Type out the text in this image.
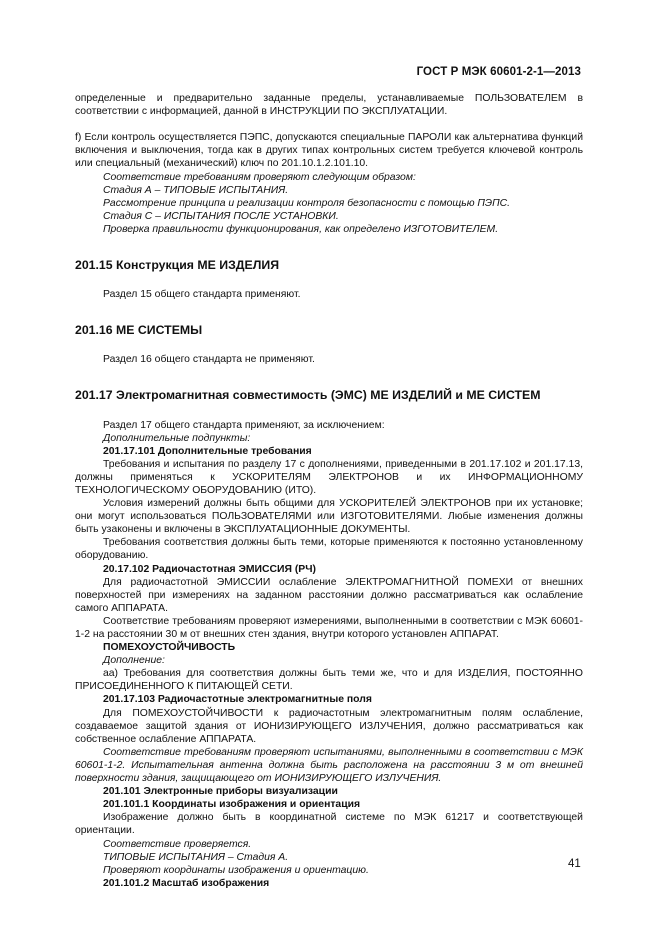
ГОСТ Р МЭК 60601-2-1—2013

определенные и предварительно заданные пределы, устанавливаемые ПОЛЬЗОВАТЕЛЕМ в соответствии с информацией, данной в ИНСТРУКЦИИ ПО ЭКСПЛУАТАЦИИ.

f) Если контроль осуществляется ПЭПС, допускаются специальные ПАРОЛИ как альтернатива функций включения и выключения, тогда как в других типах контрольных систем требуется ключевой контроль или специальный (механический) ключ по 201.10.1.2.101.10.

Соответствие требованиям проверяют следующим образом:

Стадия А – ТИПОВЫЕ ИСПЫТАНИЯ.

Рассмотрение принципа и реализации контроля безопасности с помощью ПЭПС.

Стадия С – ИСПЫТАНИЯ ПОСЛЕ УСТАНОВКИ.

Проверка правильности функционирования, как определено ИЗГОТОВИТЕЛЕМ.

201.15 Конструкция МЕ ИЗДЕЛИЯ

Раздел 15 общего стандарта применяют.

201.16 МЕ СИСТЕМЫ

Раздел 16 общего стандарта не применяют.

201.17 Электромагнитная совместимость (ЭМС) МЕ ИЗДЕЛИЙ и МЕ СИСТЕМ

Раздел 17 общего стандарта применяют, за исключением:

Дополнительные подпункты:

201.17.101 Дополнительные требования

Требования и испытания по разделу 17 с дополнениями, приведенными в 201.17.102 и 201.17.13, должны применяться к УСКОРИТЕЛЯМ ЭЛЕКТРОНОВ и их ИНФОРМАЦИОННОМУ ТЕХНОЛОГИЧЕСКОМУ ОБОРУДОВАНИЮ (ИТО).

Условия измерений должны быть общими для УСКОРИТЕЛЕЙ ЭЛЕКТРОНОВ при их установке; они могут использоваться ПОЛЬЗОВАТЕЛЯМИ или ИЗГОТОВИТЕЛЯМИ. Любые изменения должны быть узаконены и включены в ЭКСПЛУАТАЦИОННЫЕ ДОКУМЕНТЫ.

Требования соответствия должны быть теми, которые применяются к постоянно установленному оборудованию.

20.17.102 Радиочастотная ЭМИССИЯ (РЧ)

Для радиочастотной ЭМИССИИ ослабление ЭЛЕКТРОМАГНИТНОЙ ПОМЕХИ от внешних поверхностей при измерениях на заданном расстоянии должно рассматриваться как ослабление самого АППАРАТА.

Соответствие требованиям проверяют измерениями, выполненными в соответствии с МЭК 60601-1-2 на расстоянии 30 м от внешних стен здания, внутри которого установлен АППАРАТ.

ПОМЕХОУСТОЙЧИВОСТЬ

Дополнение:

аа) Требования для соответствия должны быть теми же, что и для ИЗДЕЛИЯ, ПОСТОЯННО ПРИСОЕДИНЕННОГО К ПИТАЮЩЕЙ СЕТИ.

201.17.103 Радиочастотные электромагнитные поля

Для ПОМЕХОУСТОЙЧИВОСТИ к радиочастотным электромагнитным полям ослабление, создаваемое защитой здания от ИОНИЗИРУЮЩЕГО ИЗЛУЧЕНИЯ, должно рассматриваться как собственное ослабление АППАРАТА.

Соответствие требованиям проверяют испытаниями, выполненными в соответствии с МЭК 60601-1-2. Испытательная антенна должна быть расположена на расстоянии 3 м от внешней поверхности здания, защищающего от ИОНИЗИРУЮЩЕГО ИЗЛУЧЕНИЯ.

201.101 Электронные приборы визуализации

201.101.1 Координаты изображения и ориентация

Изображение должно быть в координатной системе по МЭК 61217 и соответствующей ориентации.

Соответствие проверяется.

ТИПОВЫЕ ИСПЫТАНИЯ – Стадия А.

Проверяют координаты изображения и ориентацию.

201.101.2 Масштаб изображения

41
